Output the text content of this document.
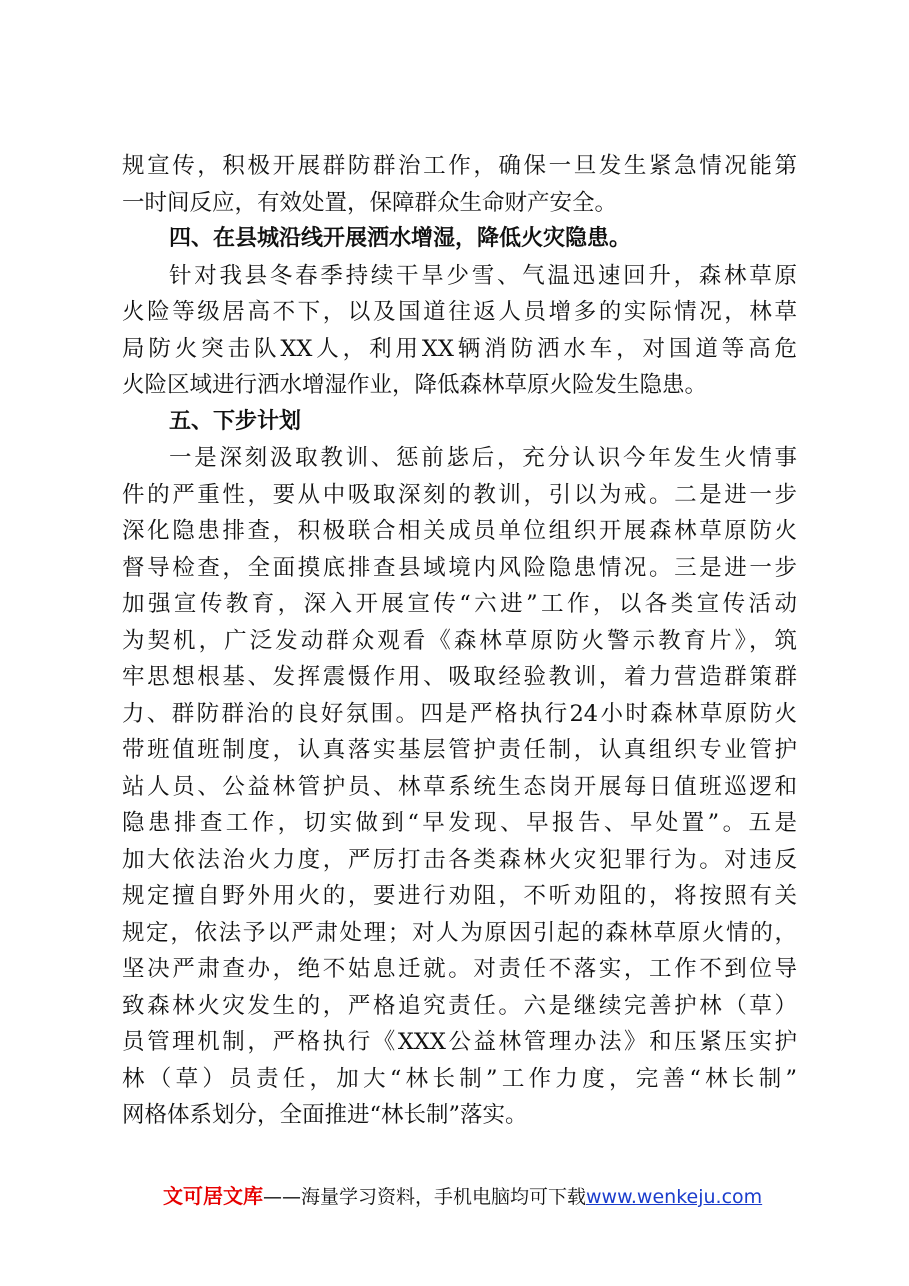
规宣传，积极开展群防群治工作，确保一旦发生紧急情况能第
一时间反应，有效处置，保障群众生命财产安全。
四、在县城沿线开展洒水增湿，降低火灾隐患。
针对我县冬春季持续干旱少雪、气温迅速回升，森林草原
火险等级居高不下，以及国道往返人员增多的实际情况，林草
局防火突击队XX人，利用XX辆消防洒水车，对国道等高危
火险区域进行洒水增湿作业，降低森林草原火险发生隐患。
五、下步计划
一是深刻汲取教训、惩前毖后，充分认识今年发生火情事
件的严重性，要从中吸取深刻的教训，引以为戒。二是进一步
深化隐患排查，积极联合相关成员单位组织开展森林草原防火
督导检查，全面摸底排查县域境内风险隐患情况。三是进一步
加强宣传教育，深入开展宣传“六进”工作，以各类宣传活动
为契机，广泛发动群众观看《森林草原防火警示教育片》，筑
牢思想根基、发挥震慑作用、吸取经验教训，着力营造群策群
力、群防群治的良好氛围。四是严格执行24小时森林草原防火
带班值班制度，认真落实基层管护责任制，认真组织专业管护
站人员、公益林管护员、林草系统生态岗开展每日值班巡逻和
隐患排查工作，切实做到“早发现、早报告、早处置”。五是
加大依法治火力度，严厉打击各类森林火灾犯罪行为。对违反
规定擅自野外用火的，要进行劝阻，不听劝阻的，将按照有关
规定，依法予以严肃处理；对人为原因引起的森林草原火情的，
坚决严肃查办，绝不姑息迁就。对责任不落实，工作不到位导
致森林火灾发生的，严格追究责任。六是继续完善护林（草）
员管理机制，严格执行《XXX公益林管理办法》和压紧压实护
林（草）员责任，加大“林长制”工作力度，完善“林长制”
网格体系划分，全面推进“林长制”落实。
文可居文库——海量学习资料，手机电脑均可下载www.wenkeju.com
